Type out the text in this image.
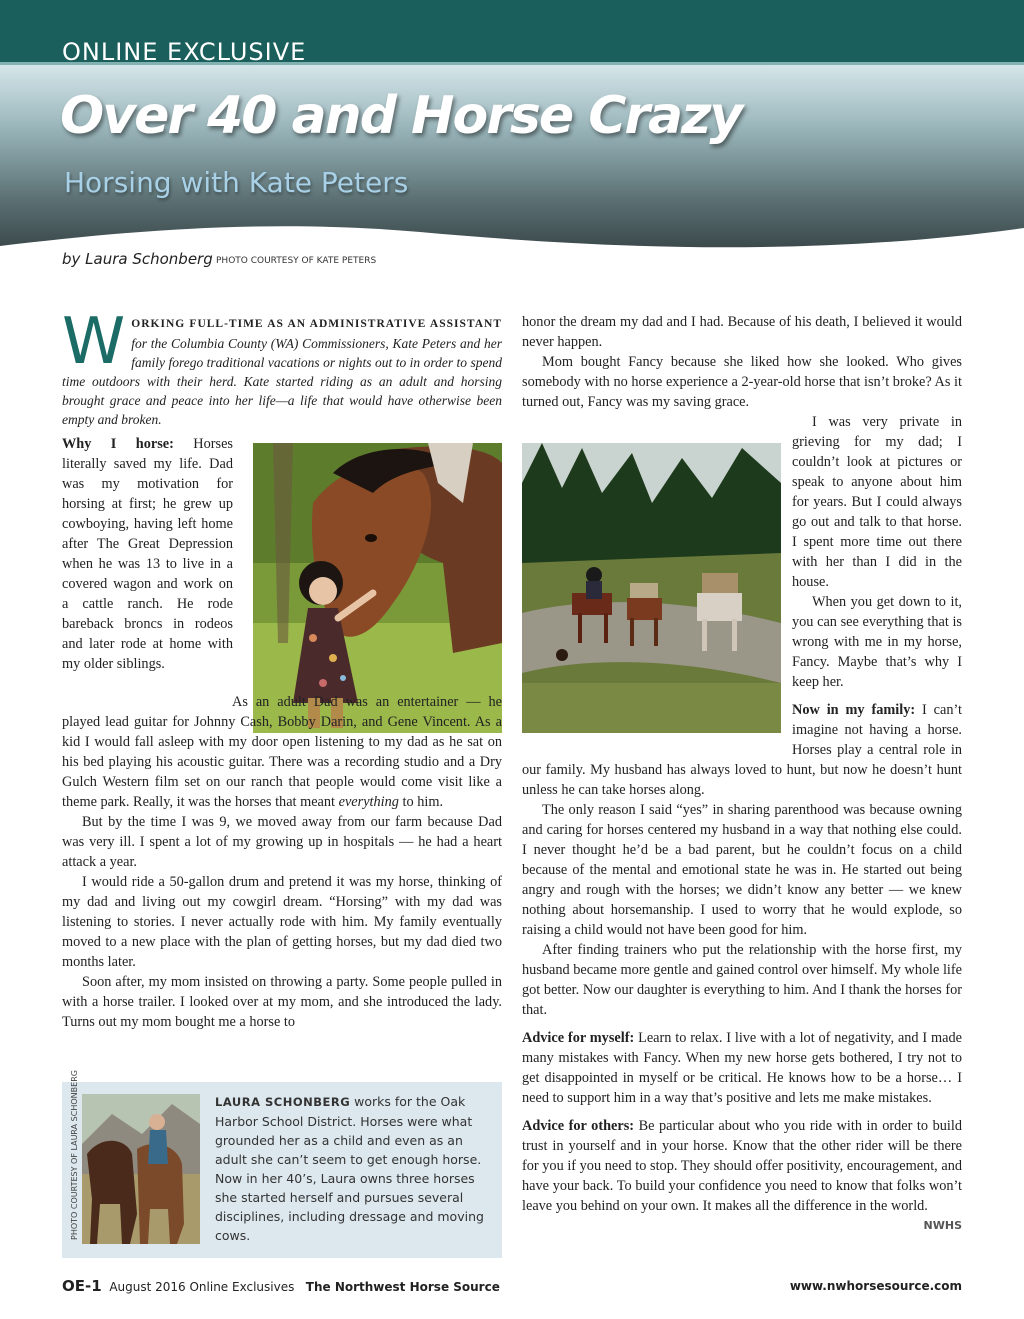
ONLINE EXCLUSIVE
Over 40 and Horse Crazy
Horsing with Kate Peters
by Laura Schonberg PHOTO COURTESY OF KATE PETERS
WORKING FULL-TIME AS AN ADMINISTRATIVE ASSISTANT for the Columbia County (WA) Commissioners, Kate Peters and her family forego traditional vacations or nights out to in order to spend time outdoors with their herd. Kate started riding as an adult and horsing brought grace and peace into her life—a life that would have otherwise been empty and broken.

Why I horse: Horses literally saved my life. Dad was my motivation for horsing at first; he grew up cowboying, having left home after The Great Depression when he was 13 to live in a covered wagon and work on a cattle ranch. He rode bareback broncs in rodeos and later rode at home with my older siblings.

As an adult Dad was an entertainer — he played lead guitar for Johnny Cash, Bobby Darin, and Gene Vincent. As a kid I would fall asleep with my door open listening to my dad as he sat on his bed playing his acoustic guitar. There was a recording studio and a Dry Gulch Western film set on our ranch that people would come visit like a theme park. Really, it was the horses that meant everything to him.

But by the time I was 9, we moved away from our farm because Dad was very ill. I spent a lot of my growing up in hospitals — he had a heart attack a year.

I would ride a 50-gallon drum and pretend it was my horse, thinking of my dad and living out my cowgirl dream. “Horsing” with my dad was listening to stories. I never actually rode with him. My family eventually moved to a new place with the plan of getting horses, but my dad died two months later.

Soon after, my mom insisted on throwing a party. Some people pulled in with a horse trailer. I looked over at my mom, and she introduced the lady. Turns out my mom bought me a horse to

LAURA SCHONBERG works for the Oak Harbor School District. Horses were what grounded her as a child and even as an adult she can’t seem to get enough horse. Now in her 40’s, Laura owns three horses she started herself and pursues several disciplines, including dressage and moving cows.
PHOTO COURTESY OF LAURA SCHONBERG

honor the dream my dad and I had. Because of his death, I believed it would never happen.

Mom bought Fancy because she liked how she looked. Who gives somebody with no horse experience a 2-year-old horse that isn’t broke? As it turned out, Fancy was my saving grace.

I was very private in grieving for my dad; I couldn’t look at pictures or speak to anyone about him for years. But I could always go out and talk to that horse. I spent more time out there with her than I did in the house.

When you get down to it, you can see everything that is wrong with me in my horse, Fancy. Maybe that’s why I keep her.

Now in my family: I can’t imagine not having a horse. Horses play a central role in our family. My husband has always loved to hunt, but now he doesn’t hunt unless he can take horses along.

The only reason I said “yes” in sharing parenthood was because owning and caring for horses centered my husband in a way that nothing else could. I never thought he’d be a bad parent, but he couldn’t focus on a child because of the mental and emotional state he was in. He started out being angry and rough with the horses; we didn’t know any better — we knew nothing about horsemanship. I used to worry that he would explode, so raising a child would not have been good for him.

After finding trainers who put the relationship with the horse first, my husband became more gentle and gained control over himself. My whole life got better. Now our daughter is everything to him. And I thank the horses for that.

Advice for myself: Learn to relax. I live with a lot of negativity, and I made many mistakes with Fancy. When my new horse gets bothered, I try not to get disappointed in myself or be critical. He knows how to be a horse… I need to support him in a way that’s positive and lets me make mistakes.

Advice for others: Be particular about who you ride with in order to build trust in yourself and in your horse. Know that the other rider will be there for you if you need to stop. They should offer positivity, encouragement, and have your back. To build your confidence you need to know that folks won’t leave you behind on your own. It makes all the difference in the world.
NWHS

OE-1 August 2016 Online Exclusives The Northwest Horse Source	www.nwhorsesource.com
